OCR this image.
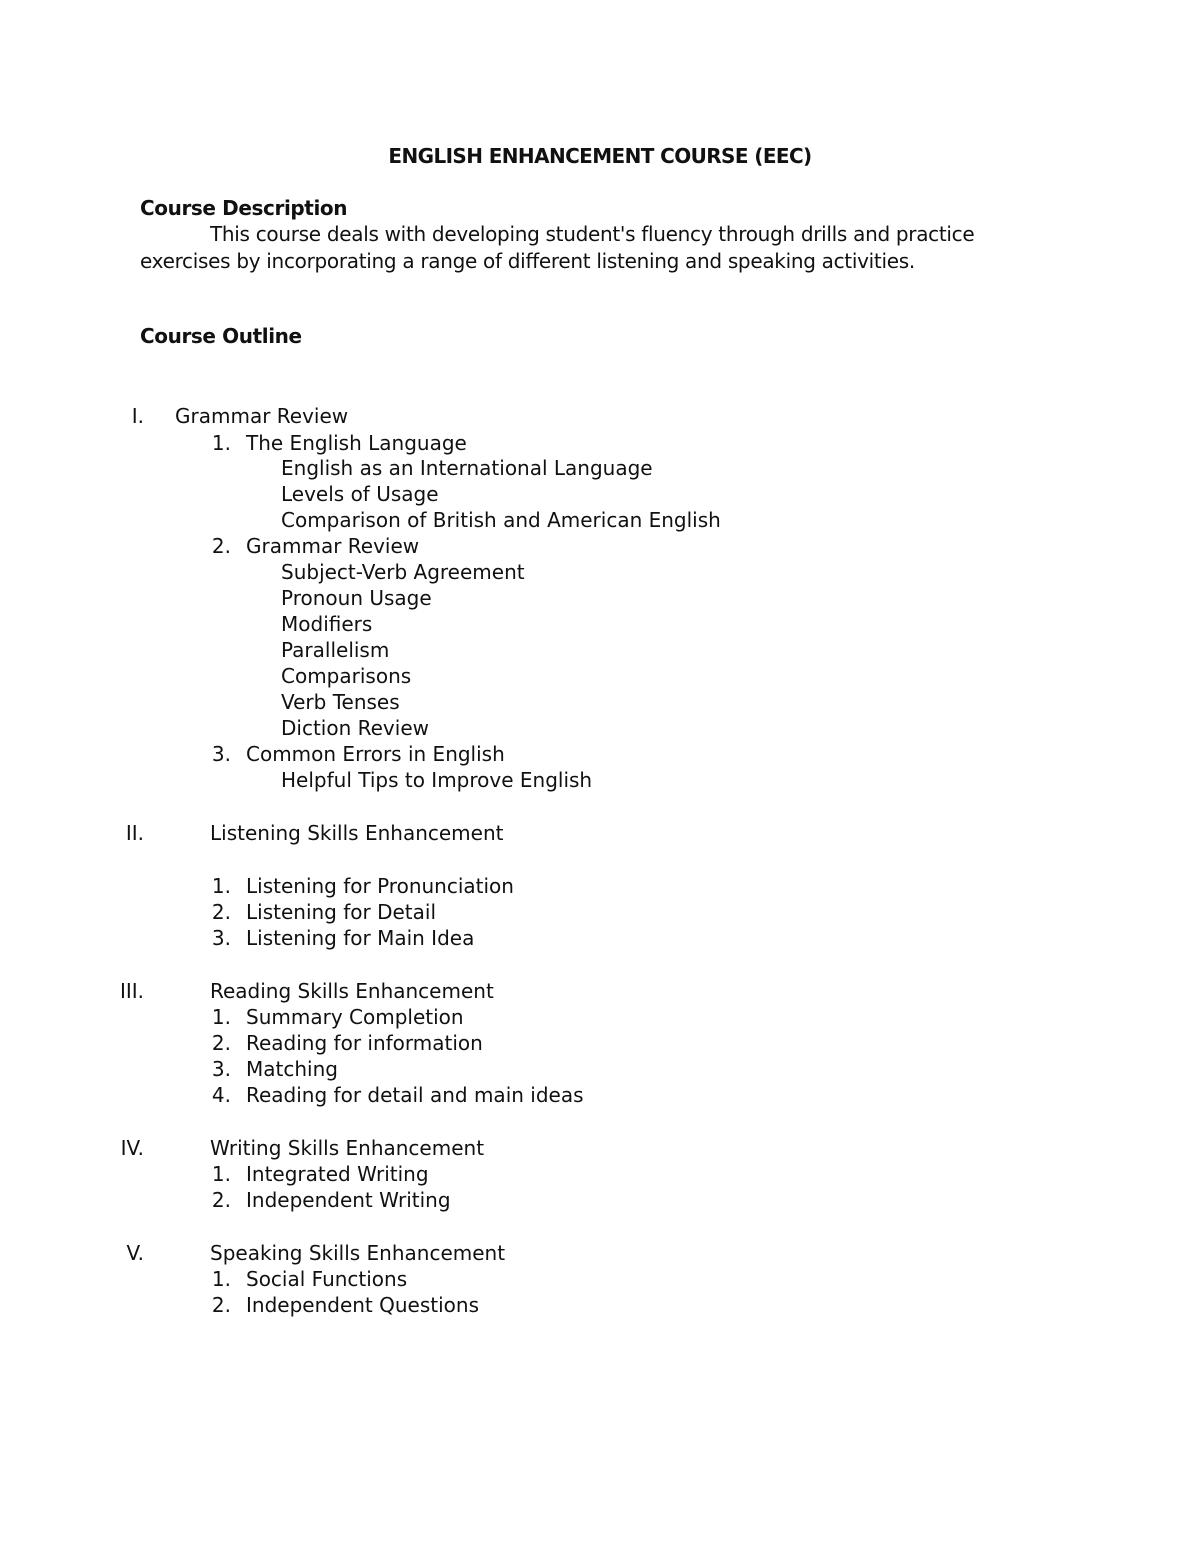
ENGLISH ENHANCEMENT COURSE (EEC)
Course Description
This course deals with developing student's fluency through drills and practice exercises by incorporating a range of different listening and speaking activities.
Course Outline
I. Grammar Review
1. The English Language
English as an International Language
Levels of Usage
Comparison of British and American English
2. Grammar Review
Subject-Verb Agreement
Pronoun Usage
Modifiers
Parallelism
Comparisons
Verb Tenses
Diction Review
3. Common Errors in English
Helpful Tips to Improve English
II.	Listening Skills Enhancement
1. Listening for Pronunciation
2. Listening for Detail
3. Listening for Main Idea
III.	Reading Skills Enhancement
1. Summary Completion
2. Reading for information
3. Matching
4. Reading for detail and main ideas
IV.	Writing Skills Enhancement
1. Integrated Writing
2. Independent Writing
V.	Speaking Skills Enhancement
1. Social Functions
2. Independent Questions
